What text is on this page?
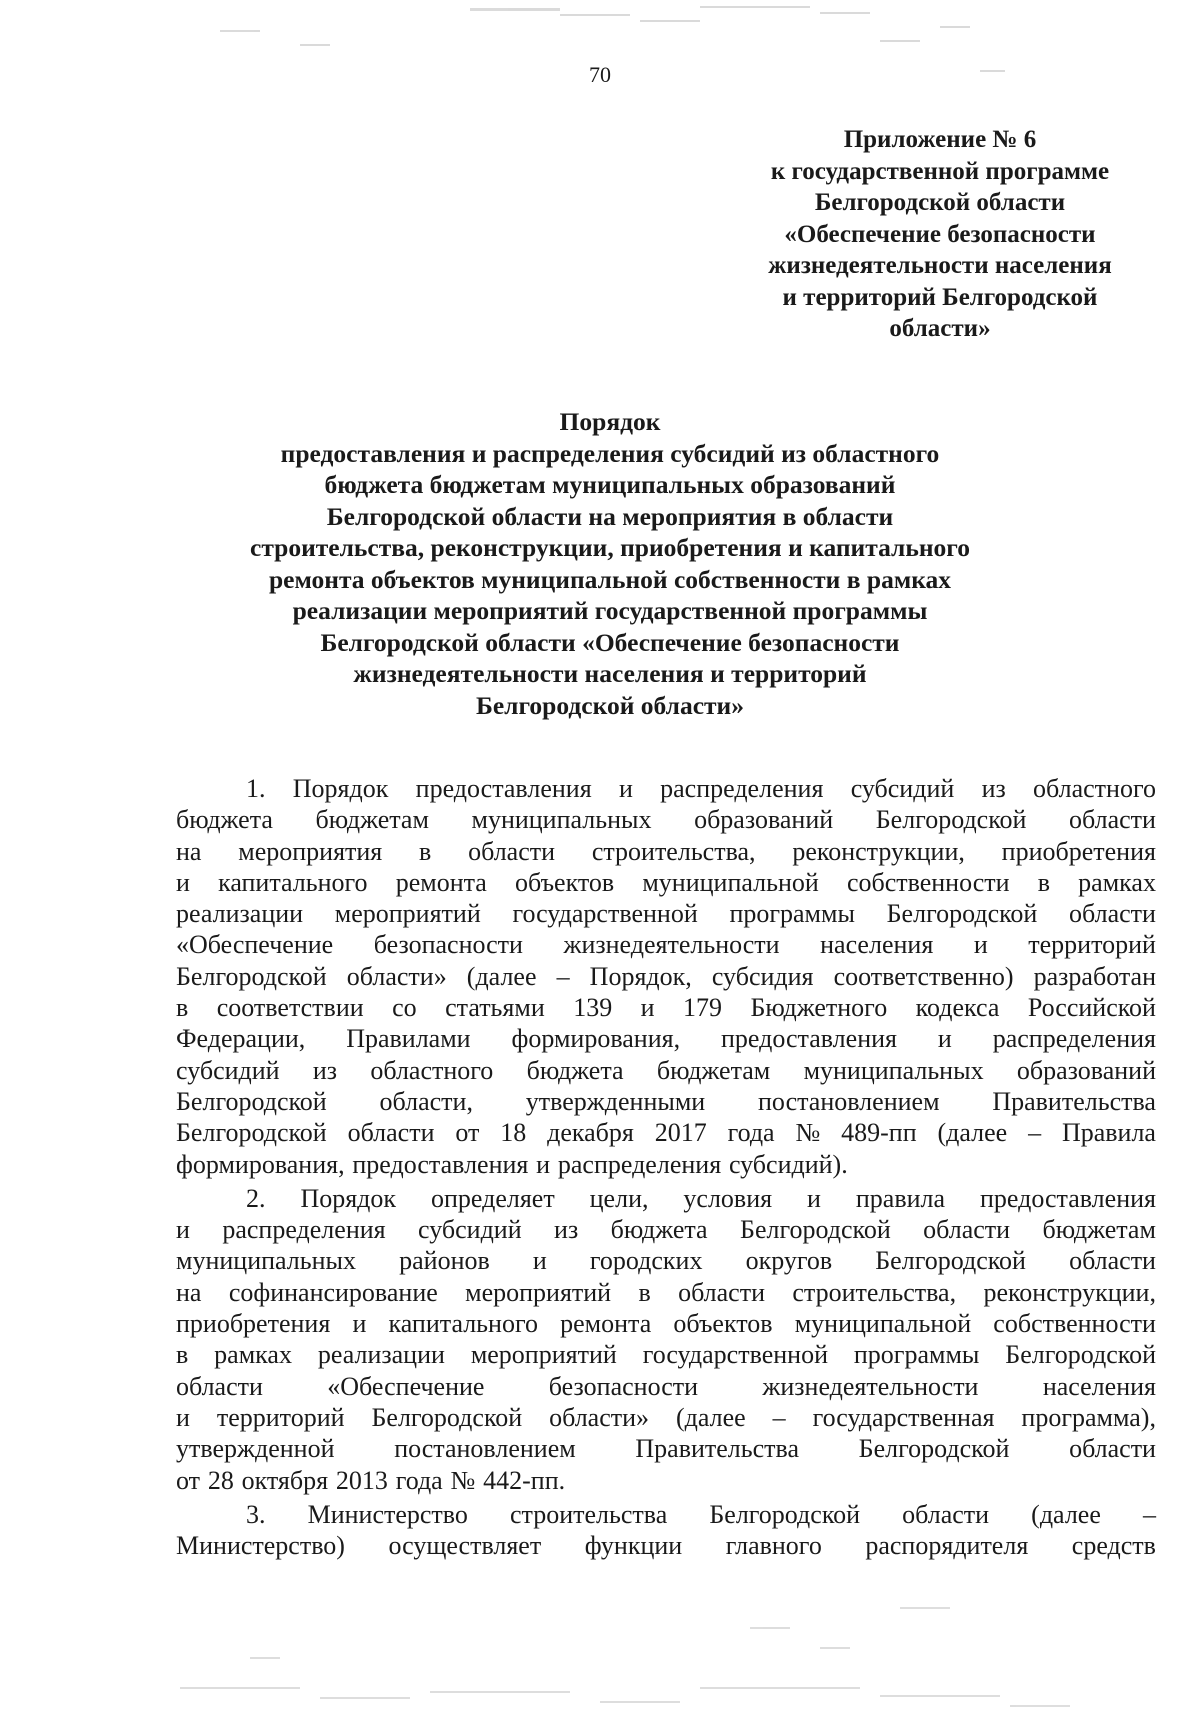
70
Приложение № 6
к государственной программе
Белгородской области
«Обеспечение безопасности
жизнедеятельности населения
и территорий Белгородской
области»
Порядок
предоставления и распределения субсидий из областного
бюджета бюджетам муниципальных образований
Белгородской области на мероприятия в области
строительства, реконструкции, приобретения и капитального
ремонта объектов муниципальной собственности в рамках
реализации мероприятий государственной программы
Белгородской области «Обеспечение безопасности
жизнедеятельности населения и территорий
Белгородской области»
1. Порядок предоставления и распределения субсидий из областного
бюджета бюджетам муниципальных образований Белгородской области
на мероприятия в области строительства, реконструкции, приобретения
и капитального ремонта объектов муниципальной собственности в рамках
реализации мероприятий государственной программы Белгородской области
«Обеспечение безопасности жизнедеятельности населения и территорий
Белгородской области» (далее – Порядок, субсидия соответственно) разработан
в соответствии со статьями 139 и 179 Бюджетного кодекса Российской
Федерации, Правилами формирования, предоставления и распределения
субсидий из областного бюджета бюджетам муниципальных образований
Белгородской области, утвержденными постановлением Правительства
Белгородской области от 18 декабря 2017 года № 489-пп (далее – Правила
формирования, предоставления и распределения субсидий).
2. Порядок определяет цели, условия и правила предоставления
и распределения субсидий из бюджета Белгородской области бюджетам
муниципальных районов и городских округов Белгородской области
на софинансирование мероприятий в области строительства, реконструкции,
приобретения и капитального ремонта объектов муниципальной собственности
в рамках реализации мероприятий государственной программы Белгородской
области «Обеспечение безопасности жизнедеятельности населения
и территорий Белгородской области» (далее – государственная программа),
утвержденной постановлением Правительства Белгородской области
от 28 октября 2013 года № 442-пп.
3. Министерство строительства Белгородской области (далее –
Министерство) осуществляет функции главного распорядителя средств
